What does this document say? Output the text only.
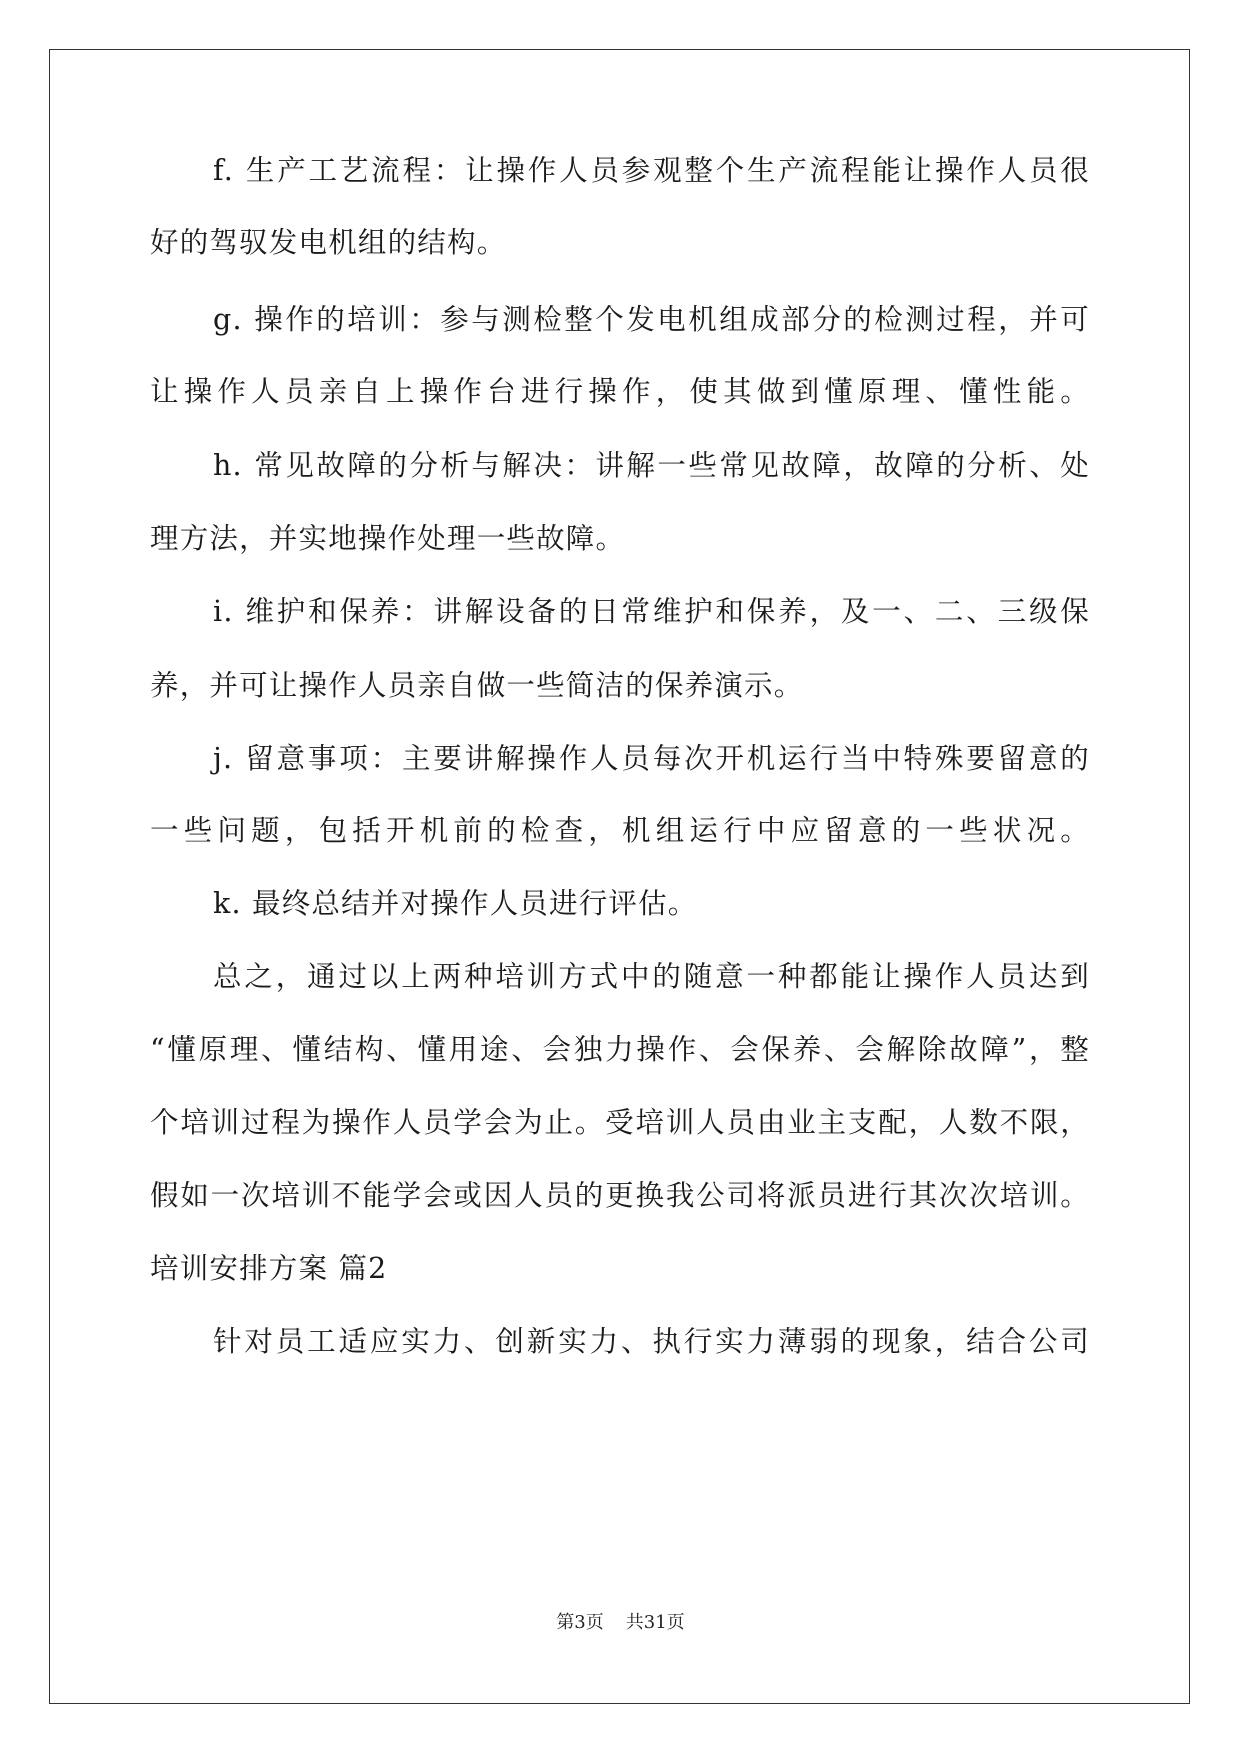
f. 生产工艺流程：让操作人员参观整个生产流程能让操作人员很
好的驾驭发电机组的结构。
g. 操作的培训：参与测检整个发电机组成部分的检测过程，并可
让操作人员亲自上操作台进行操作，使其做到懂原理、懂性能。
h. 常见故障的分析与解决：讲解一些常见故障，故障的分析、处
理方法，并实地操作处理一些故障。
i. 维护和保养：讲解设备的日常维护和保养，及一、二、三级保
养，并可让操作人员亲自做一些简洁的保养演示。
j. 留意事项：主要讲解操作人员每次开机运行当中特殊要留意的
一些问题，包括开机前的检查，机组运行中应留意的一些状况。
k. 最终总结并对操作人员进行评估。
总之，通过以上两种培训方式中的随意一种都能让操作人员达到
“懂原理、懂结构、懂用途、会独力操作、会保养、会解除故障”，整
个培训过程为操作人员学会为止。受培训人员由业主支配，人数不限，
假如一次培训不能学会或因人员的更换我公司将派员进行其次次培训。
培训安排方案 篇2
针对员工适应实力、创新实力、执行实力薄弱的现象，结合公司
第3页 共31页
